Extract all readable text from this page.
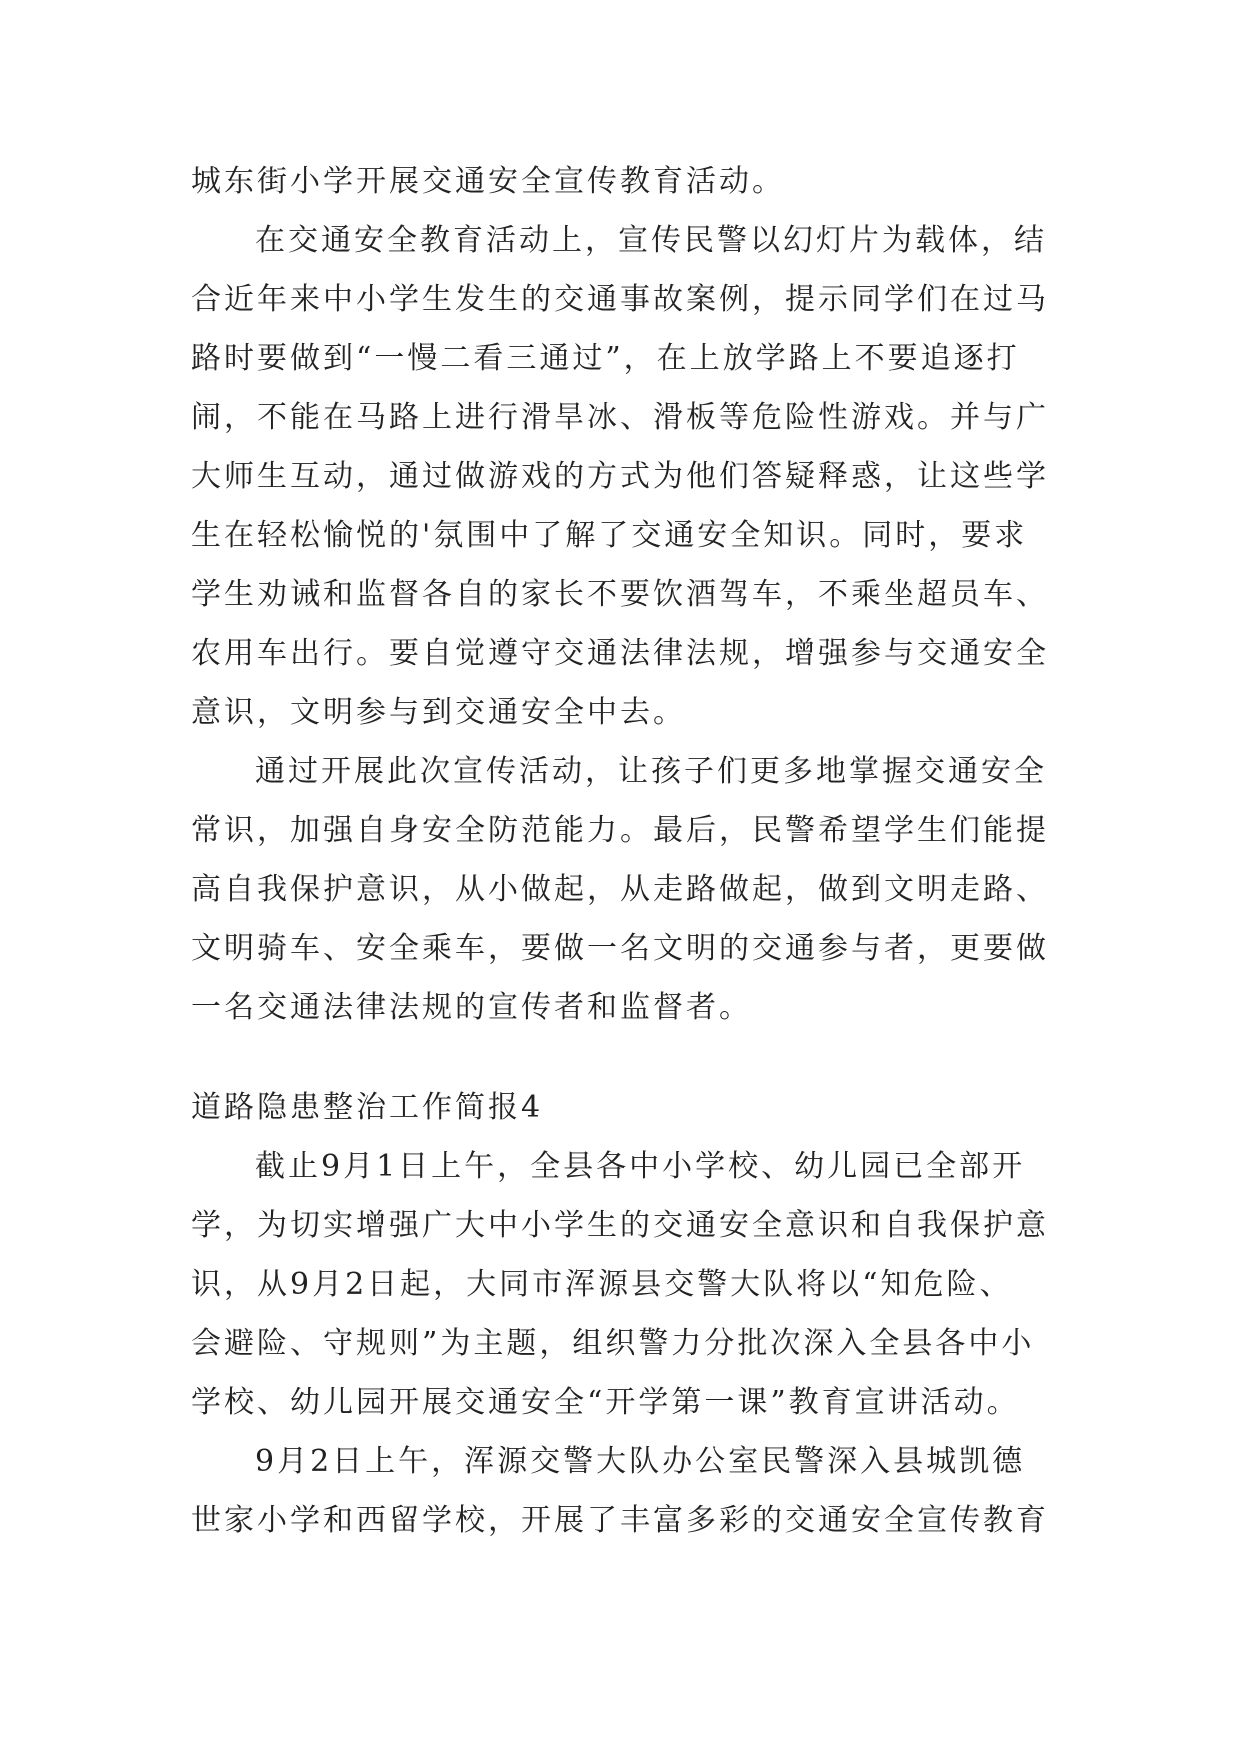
城东街小学开展交通安全宣传教育活动。
在交通安全教育活动上，宣传民警以幻灯片为载体，结
合近年来中小学生发生的交通事故案例，提示同学们在过马
路时要做到“一慢二看三通过”，在上放学路上不要追逐打
闹，不能在马路上进行滑旱冰、滑板等危险性游戏。并与广
大师生互动，通过做游戏的方式为他们答疑释惑，让这些学
生在轻松愉悦的'氛围中了解了交通安全知识。同时，要求
学生劝诫和监督各自的家长不要饮酒驾车，不乘坐超员车、
农用车出行。要自觉遵守交通法律法规，增强参与交通安全
意识，文明参与到交通安全中去。
通过开展此次宣传活动，让孩子们更多地掌握交通安全
常识，加强自身安全防范能力。最后，民警希望学生们能提
高自我保护意识，从小做起，从走路做起，做到文明走路、
文明骑车、安全乘车，要做一名文明的交通参与者，更要做
一名交通法律法规的宣传者和监督者。
道路隐患整治工作简报4
截止9月1日上午，全县各中小学校、幼儿园已全部开
学，为切实增强广大中小学生的交通安全意识和自我保护意
识，从9月2日起，大同市浑源县交警大队将以“知危险、
会避险、守规则”为主题，组织警力分批次深入全县各中小
学校、幼儿园开展交通安全“开学第一课”教育宣讲活动。
9月2日上午，浑源交警大队办公室民警深入县城凯德
世家小学和西留学校，开展了丰富多彩的交通安全宣传教育
